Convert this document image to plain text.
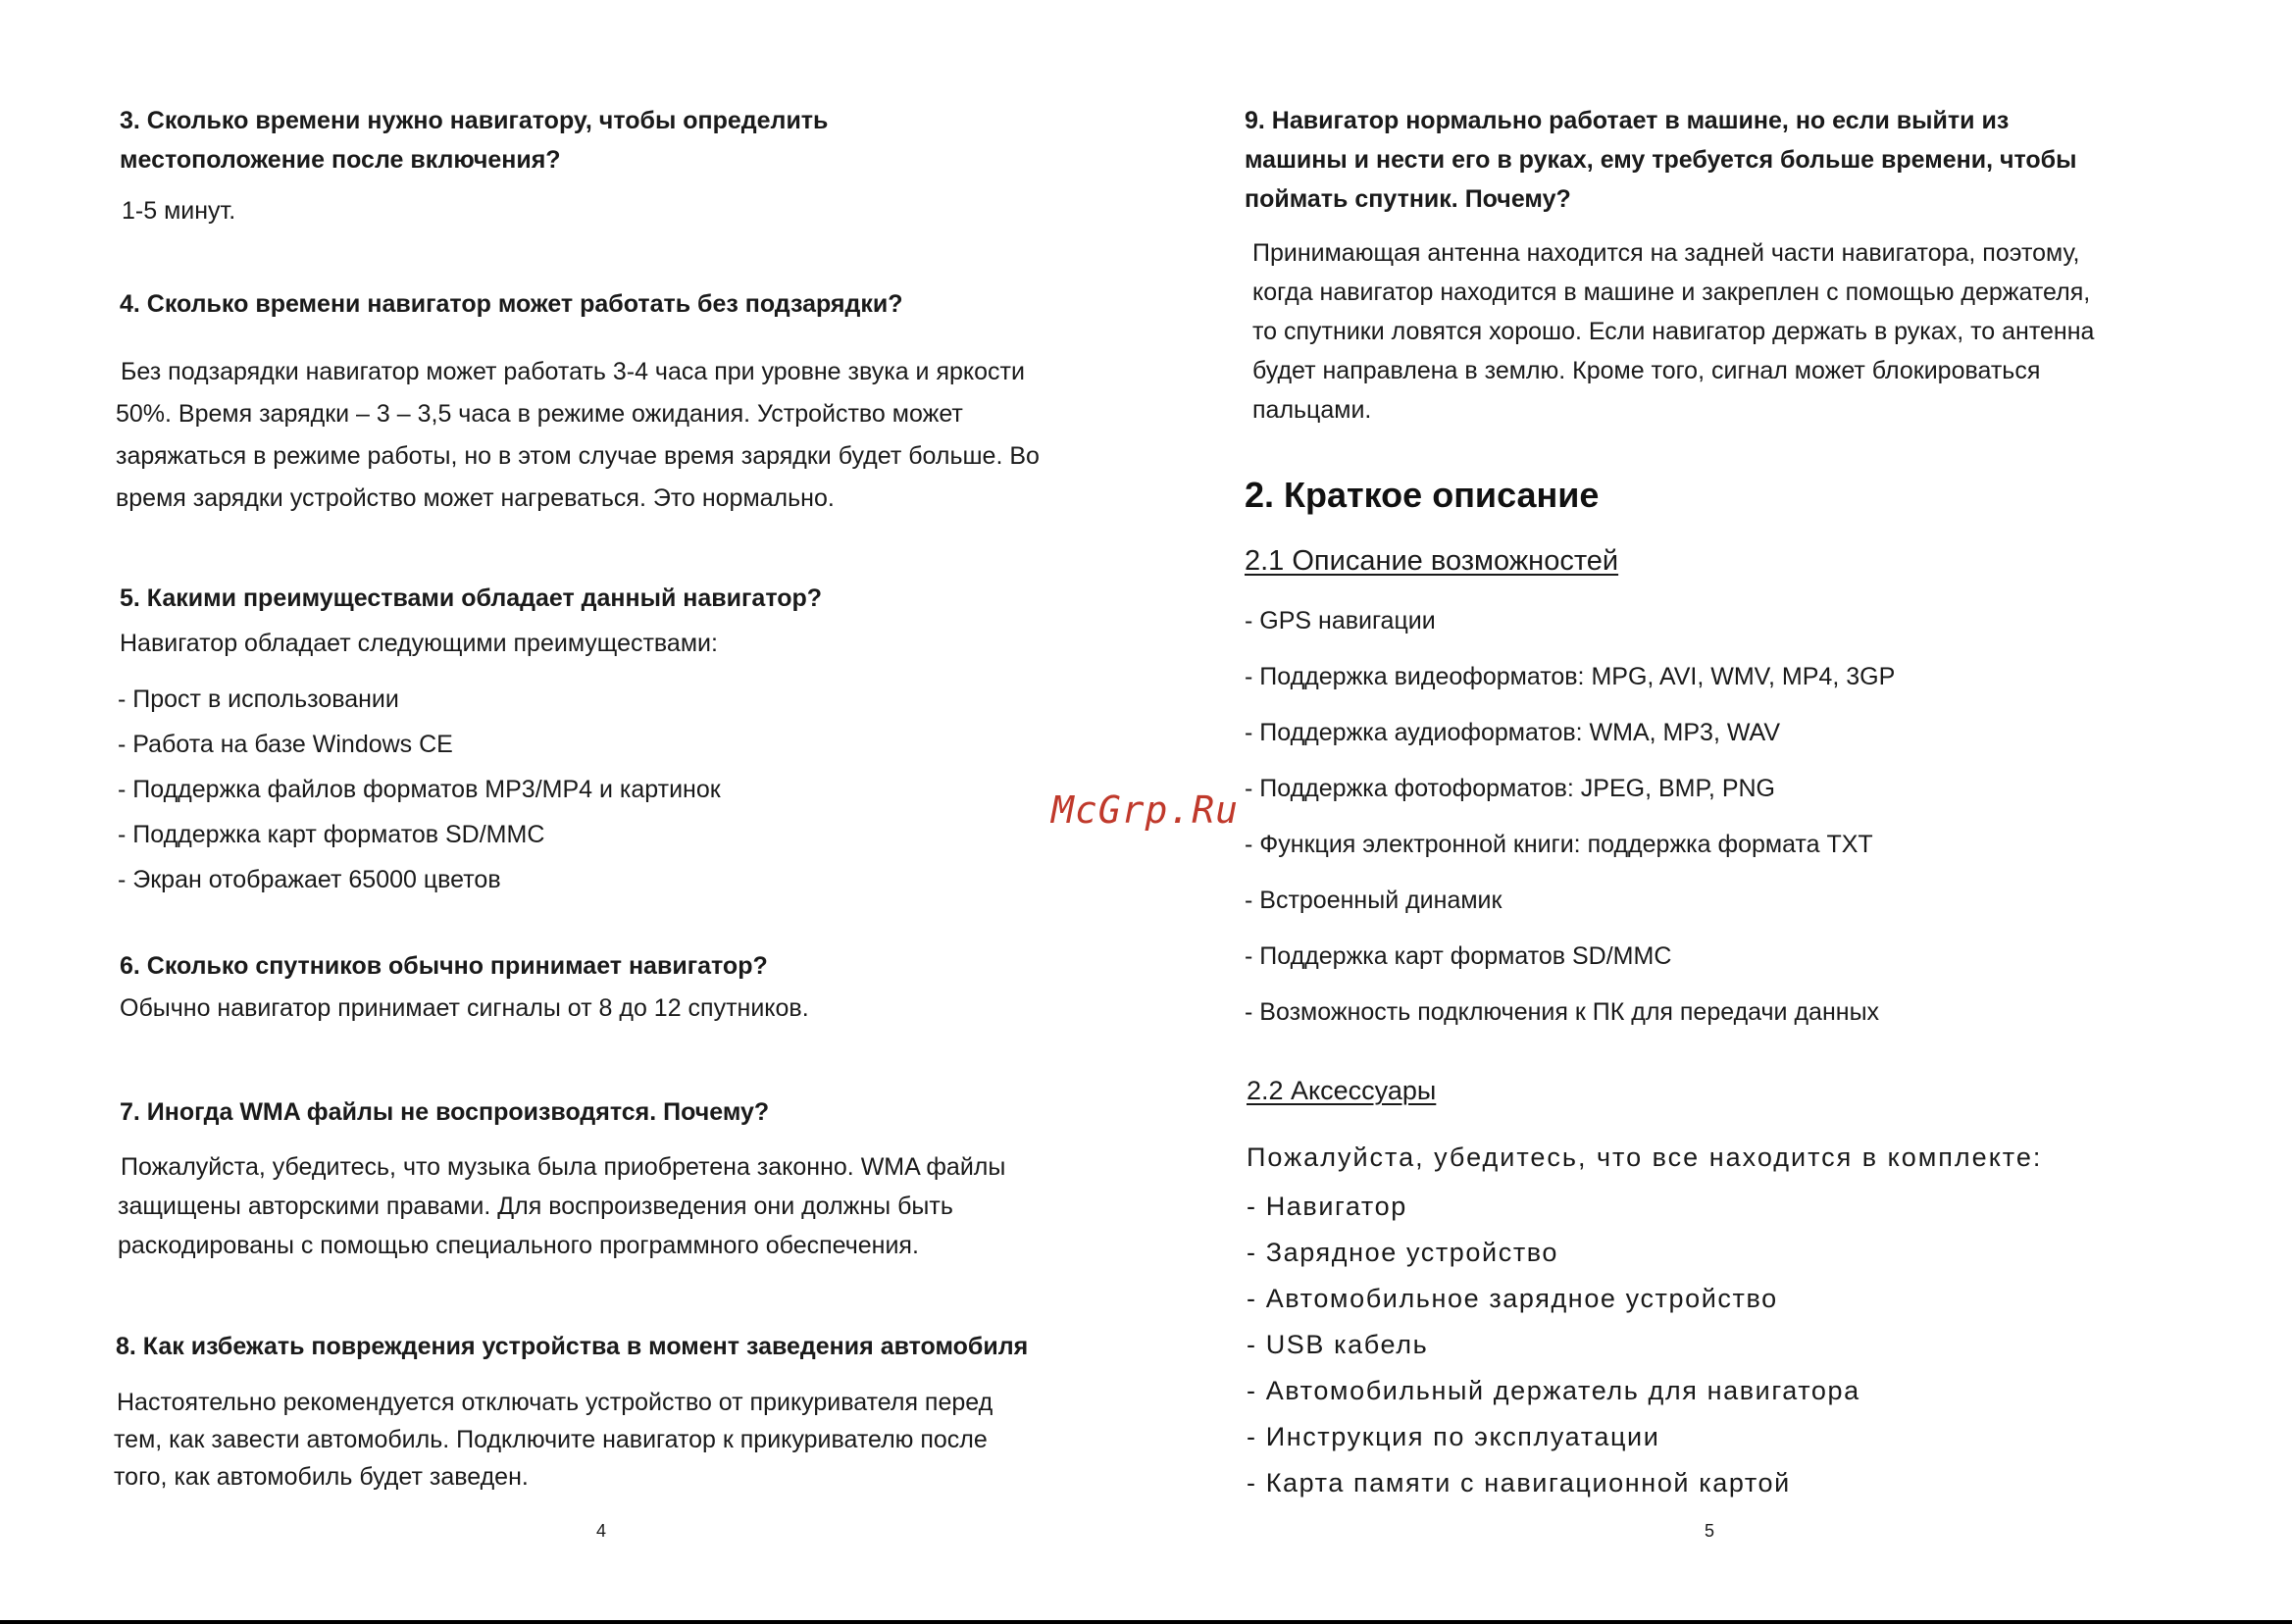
3. Сколько времени нужно навигатору, чтобы определить
местоположение после включения?
1-5 минут.
4. Сколько времени навигатор может работать без подзарядки?
Без подзарядки навигатор может работать 3-4 часа при уровне звука и яркости
50%. Время зарядки – 3 – 3,5 часа в режиме ожидания. Устройство может
заряжаться в режиме работы, но в этом случае время зарядки будет больше. Во
время зарядки устройство может нагреваться. Это нормально.
5. Какими преимуществами обладает данный навигатор?
Навигатор обладает следующими преимуществами:
- Прост в использовании
- Работа на базе Windows CE
- Поддержка файлов форматов MP3/MP4 и картинок
- Поддержка карт форматов SD/MMC
- Экран отображает 65000 цветов
6. Сколько спутников обычно принимает навигатор?
Обычно навигатор принимает сигналы от 8 до 12 спутников.
7. Иногда WMA файлы не воспроизводятся. Почему?
Пожалуйста, убедитесь, что музыка была приобретена законно. WMA файлы
защищены авторскими правами. Для воспроизведения они должны быть
раскодированы с помощью специального программного обеспечения.
8. Как избежать повреждения устройства в момент заведения автомобиля
Настоятельно рекомендуется отключать устройство от прикуривателя перед
тем, как завести автомобиль. Подключите навигатор к прикуривателю после
того, как автомобиль будет заведен.
4
9. Навигатор нормально работает в машине, но если выйти из
машины и нести его в руках, ему требуется больше времени, чтобы
поймать спутник. Почему?
Принимающая антенна находится на задней части навигатора, поэтому,
когда навигатор находится в машине и закреплен с помощью держателя,
то спутники ловятся хорошо. Если навигатор держать в руках, то антенна
будет направлена в землю. Кроме того, сигнал может блокироваться
пальцами.
2. Краткое описание
2.1 Описание возможностей
- GPS навигации
- Поддержка видеоформатов: MPG, AVI, WMV, MP4, 3GP
- Поддержка аудиоформатов: WMA, MP3, WAV
- Поддержка фотоформатов: JPEG, BMP, PNG
- Функция электронной книги: поддержка формата TXT
- Встроенный динамик
- Поддержка карт форматов SD/MMC
- Возможность подключения к ПК для передачи данных
2.2 Аксессуары
Пожалуйста, убедитесь, что все находится в комплекте:
- Навигатор
- Зарядное устройство
- Автомобильное зарядное устройство
- USB кабель
- Автомобильный держатель для навигатора
- Инструкция по эксплуатации
- Карта памяти с навигационной картой
5
McGrp.Ru
